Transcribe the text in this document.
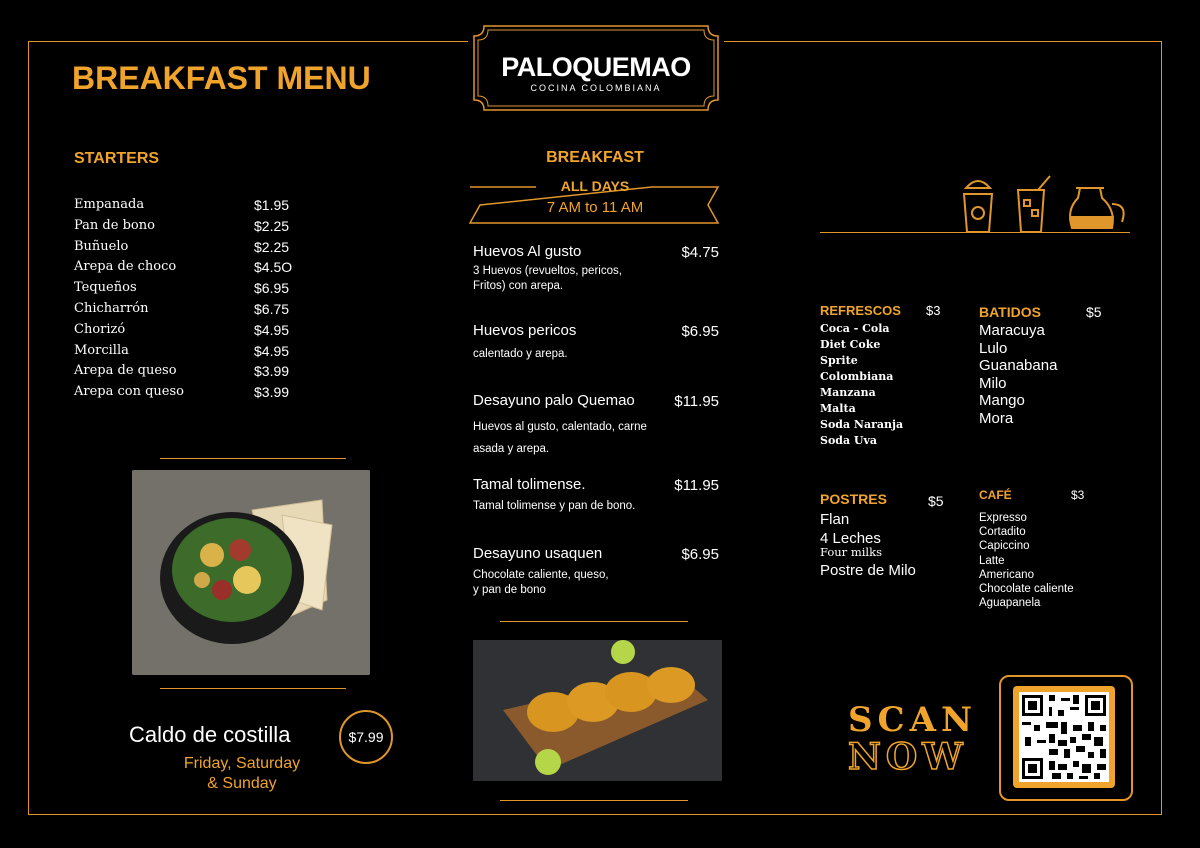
PALOQUEMAO
COCINA COLOMBIANA
BREAKFAST MENU
STARTERS
Empanada	$1.95
Pan de bono	$2.25
Buñuelo	$2.25
Arepa de choco	$4.5O
Tequeños	$6.95
Chicharrón	$6.75
Chorizó	$4.95
Morcilla	$4.95
Arepa de queso	$3.99
Arepa con queso	$3.99
Caldo de costilla	$7.99
Friday, Saturday
& Sunday
BREAKFAST
ALL DAYS
7 AM to 11 AM
Huevos Al gusto	$4.75
3 Huevos (revueltos, pericos,
Fritos) con arepa.
Huevos pericos	$6.95
calentado y arepa.
Desayuno palo Quemao	$11.95
Huevos al gusto, calentado, carne
asada y arepa.
Tamal tolimense.	$11.95
Tamal tolimense y pan de bono.
Desayuno usaquen	$6.95
Chocolate caliente, queso,
y pan de bono
REFRESCOS $3
Coca - Cola
Diet Coke
Sprite
Colombiana
Manzana
Malta
Soda Naranja
Soda Uva
BATIDOS	$5
Maracuya
Lulo
Guanabana
Milo
Mango
Mora
POSTRES	$5
Flan
4 Leches
Four milks
Postre de Milo
CAFÉ	$3
Expresso
Cortadito
Capiccino
Latte
Americano
Chocolate caliente
Aguapanela
SCAN
NOW
